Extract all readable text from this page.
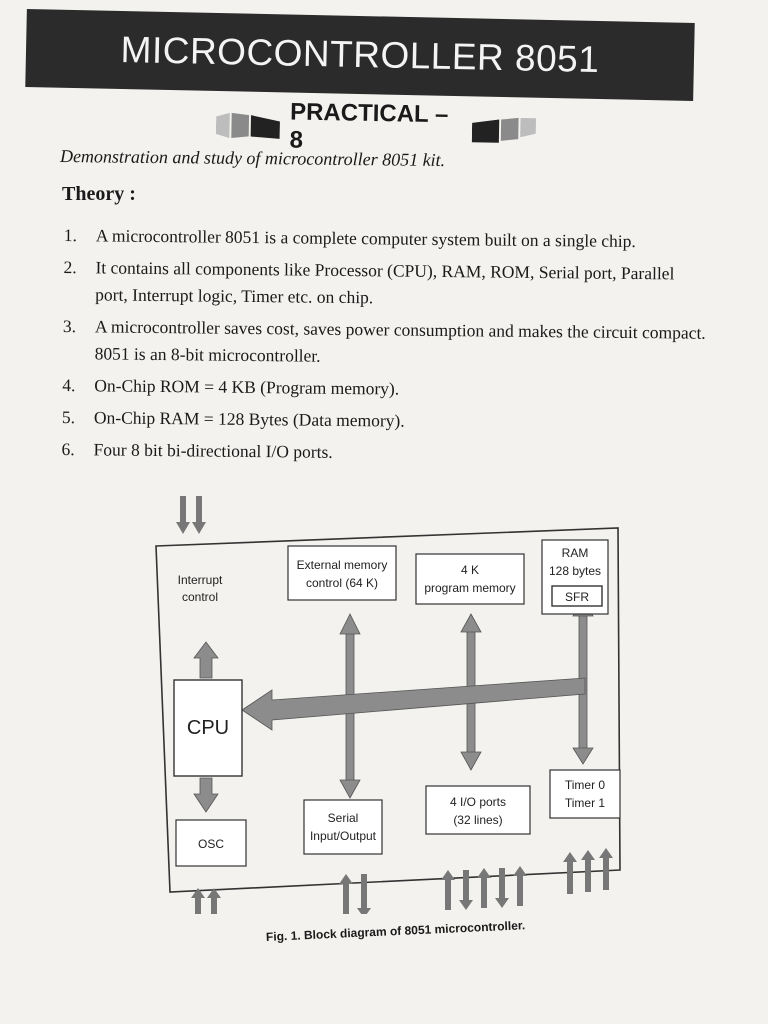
MICROCONTROLLER 8051
PRACTICAL – 8
Demonstration and study of microcontroller 8051 kit.
Theory :
1. A microcontroller 8051 is a complete computer system built on a single chip.
2. It contains all components like Processor (CPU), RAM, ROM, Serial port, Parallel port, Interrupt logic, Timer etc. on chip.
3. A microcontroller saves cost, saves power consumption and makes the circuit compact. 8051 is an 8-bit microcontroller.
4. On-Chip ROM = 4 KB (Program memory).
5. On-Chip RAM = 128 Bytes (Data memory).
6. Four 8 bit bi-directional I/O ports.
Interrupt
control
External memory
control (64 K)
4 K
program memory
RAM
128 bytes
SFR
CPU
OSC
Serial
Input/Output
4 I/O ports
(32 lines)
Timer 0
Timer 1
Fig. 1. Block diagram of 8051 microcontroller.
